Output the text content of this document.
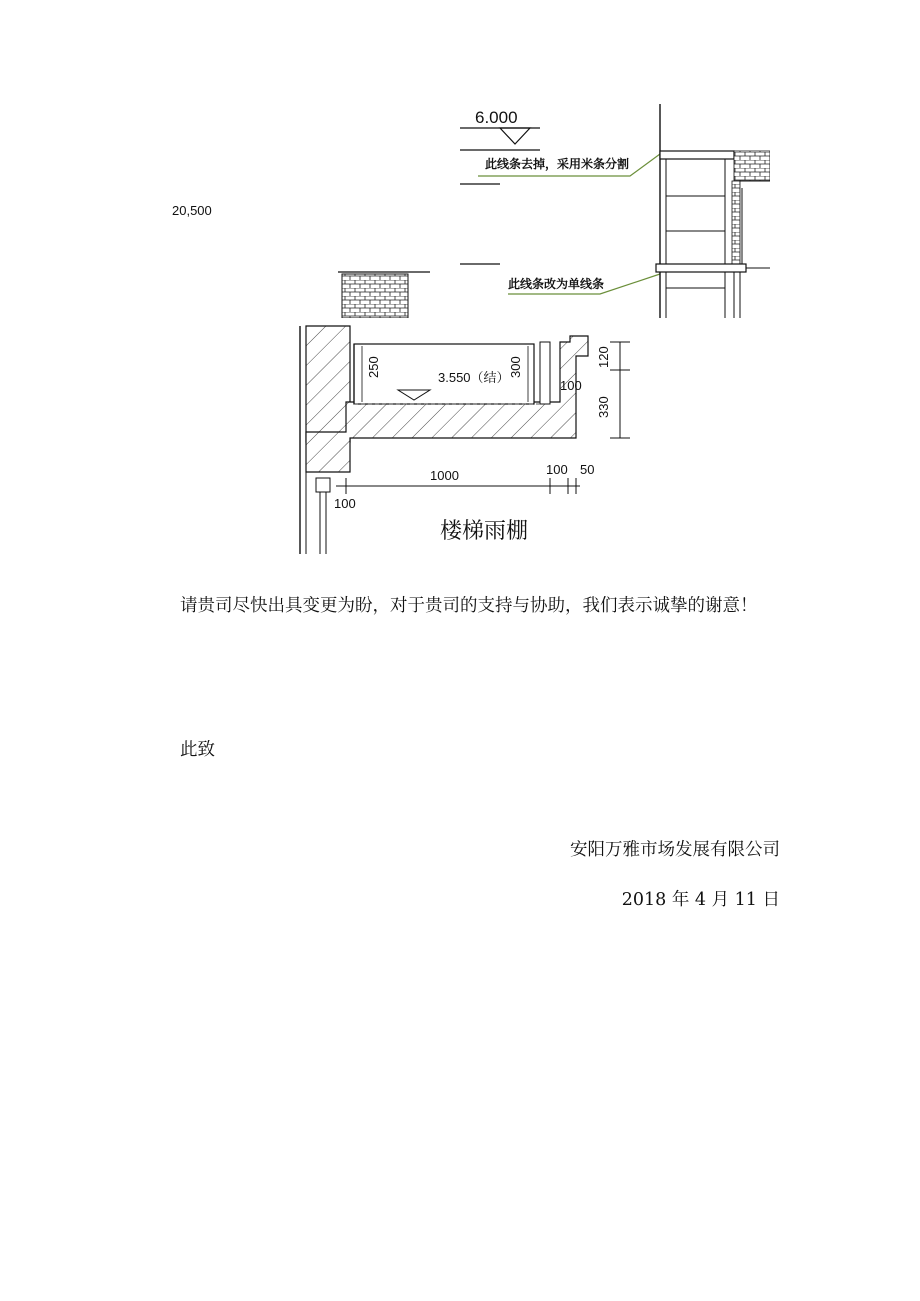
20,500
6.000
此线条去掉，采用米条分割
此线条改为单线条
250	300
3.550（结）
120
330
100
1000	100 50
100
楼梯雨棚
请贵司尽快出具变更为盼，对于贵司的支持与协助，我们表示诚挚的谢意！
此致
安阳万雅市场发展有限公司
2018 年 4 月 11 日
